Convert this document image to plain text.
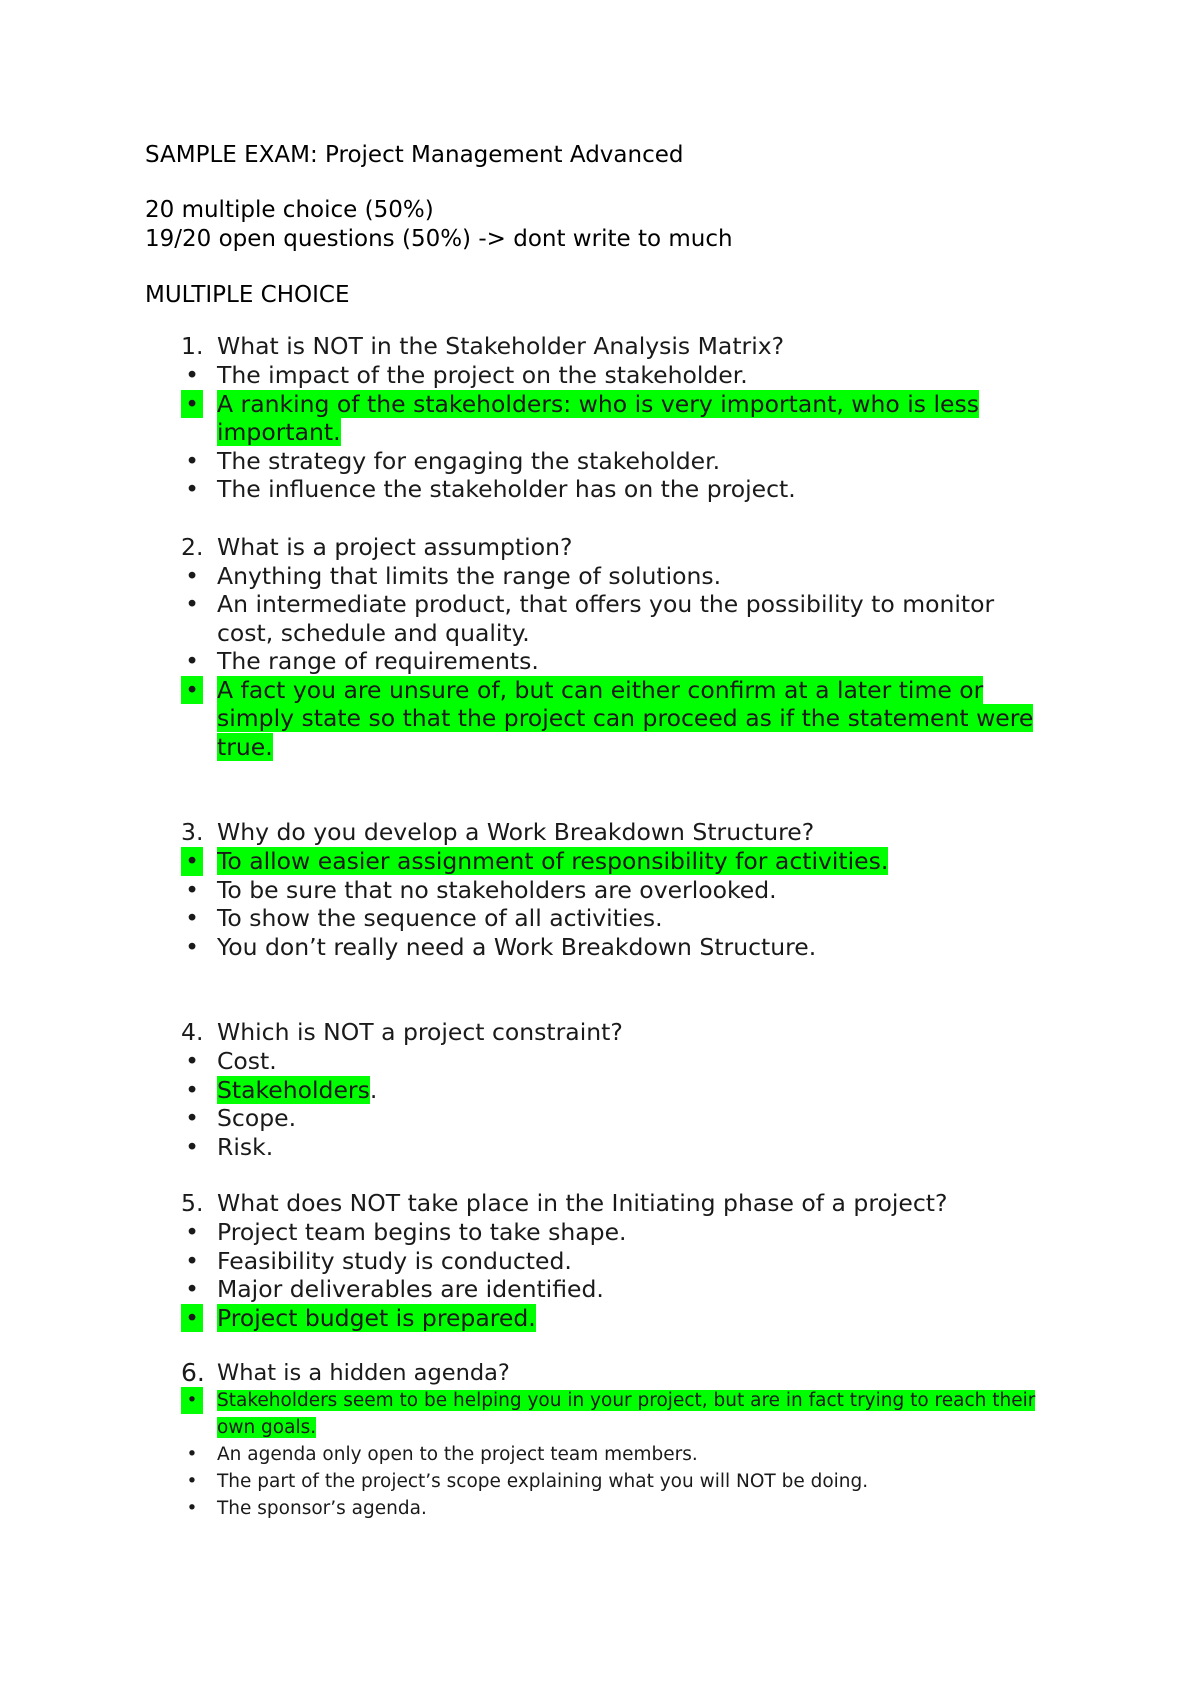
SAMPLE EXAM: Project Management Advanced
20 multiple choice (50%)
19/20 open questions (50%) -> dont write to much
MULTIPLE CHOICE
1. What is NOT in the Stakeholder Analysis Matrix?
• The impact of the project on the stakeholder.
• A ranking of the stakeholders: who is very important, who is less important.
• The strategy for engaging the stakeholder.
• The influence the stakeholder has on the project.
2. What is a project assumption?
• Anything that limits the range of solutions.
• An intermediate product, that offers you the possibility to monitor cost, schedule and quality.
• The range of requirements.
• A fact you are unsure of, but can either confirm at a later time or simply state so that the project can proceed as if the statement were true.
3. Why do you develop a Work Breakdown Structure?
• To allow easier assignment of responsibility for activities.
• To be sure that no stakeholders are overlooked.
• To show the sequence of all activities.
• You don’t really need a Work Breakdown Structure.
4. Which is NOT a project constraint?
• Cost.
• Stakeholders.
• Scope.
• Risk.
5. What does NOT take place in the Initiating phase of a project?
• Project team begins to take shape.
• Feasibility study is conducted.
• Major deliverables are identified.
• Project budget is prepared.
6. What is a hidden agenda?
• Stakeholders seem to be helping you in your project, but are in fact trying to reach their own goals.
• An agenda only open to the project team members.
• The part of the project’s scope explaining what you will NOT be doing.
• The sponsor’s agenda.
